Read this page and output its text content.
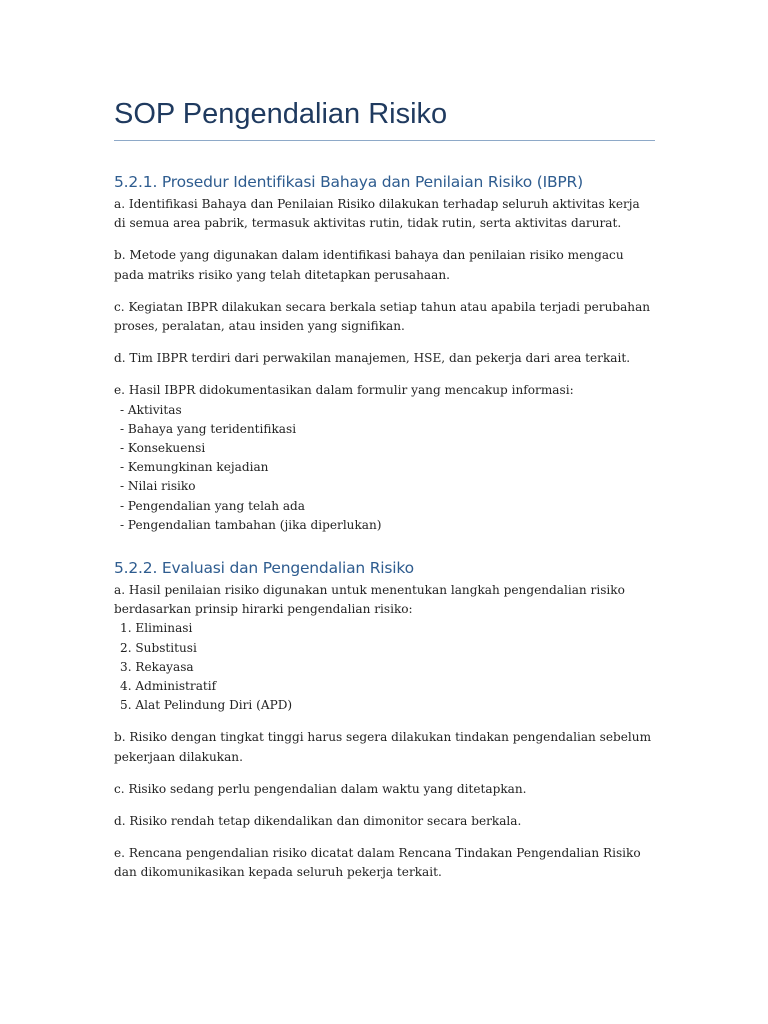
SOP Pengendalian Risiko
5.2.1. Prosedur Identifikasi Bahaya dan Penilaian Risiko (IBPR)

a. Identifikasi Bahaya dan Penilaian Risiko dilakukan terhadap seluruh aktivitas kerja di semua area pabrik, termasuk aktivitas rutin, tidak rutin, serta aktivitas darurat.

b. Metode yang digunakan dalam identifikasi bahaya dan penilaian risiko mengacu pada matriks risiko yang telah ditetapkan perusahaan.

c. Kegiatan IBPR dilakukan secara berkala setiap tahun atau apabila terjadi perubahan proses, peralatan, atau insiden yang signifikan.

d. Tim IBPR terdiri dari perwakilan manajemen, HSE, dan pekerja dari area terkait.

e. Hasil IBPR didokumentasikan dalam formulir yang mencakup informasi:

- Aktivitas
- Bahaya yang teridentifikasi
- Konsekuensi
- Kemungkinan kejadian
- Nilai risiko
- Pengendalian yang telah ada
- Pengendalian tambahan (jika diperlukan)
5.2.2. Evaluasi dan Pengendalian Risiko

a. Hasil penilaian risiko digunakan untuk menentukan langkah pengendalian risiko berdasarkan prinsip hirarki pengendalian risiko:

1. Eliminasi
2. Substitusi
3. Rekayasa
4. Administratif
5. Alat Pelindung Diri (APD)

b. Risiko dengan tingkat tinggi harus segera dilakukan tindakan pengendalian sebelum pekerjaan dilakukan.

c. Risiko sedang perlu pengendalian dalam waktu yang ditetapkan.

d. Risiko rendah tetap dikendalikan dan dimonitor secara berkala.

e. Rencana pengendalian risiko dicatat dalam Rencana Tindakan Pengendalian Risiko dan dikomunikasikan kepada seluruh pekerja terkait.
